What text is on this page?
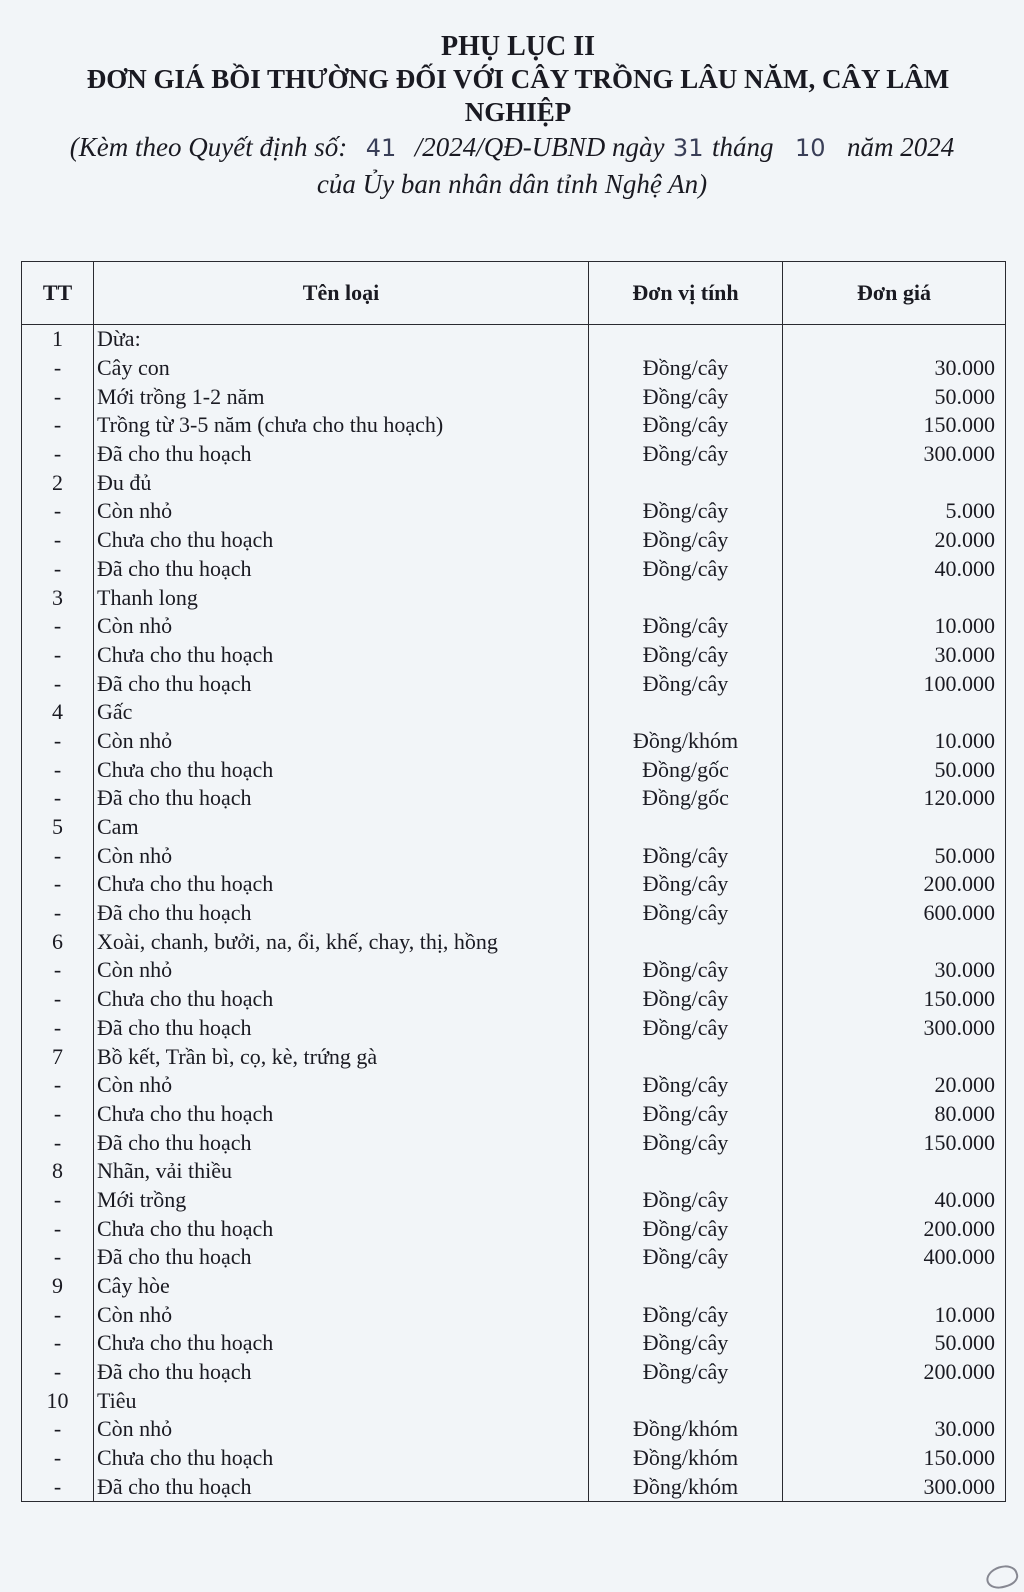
PHỤ LỤC II
ĐƠN GIÁ BỒI THƯỜNG ĐỐI VỚI CÂY TRỒNG LÂU NĂM, CÂY LÂM
NGHIỆP
(Kèm theo Quyết định số: 41 /2024/QĐ-UBND ngày 31 tháng 10 năm 2024
của Ủy ban nhân dân tỉnh Nghệ An)
TT	Tên loại	Đơn vị tính	Đơn giá
1	Dừa:		
-	Cây con	Đồng/cây	30.000
-	Mới trồng 1-2 năm	Đồng/cây	50.000
-	Trồng từ 3-5 năm (chưa cho thu hoạch)	Đồng/cây	150.000
-	Đã cho thu hoạch	Đồng/cây	300.000
2	Đu đủ		
-	Còn nhỏ	Đồng/cây	5.000
-	Chưa cho thu hoạch	Đồng/cây	20.000
-	Đã cho thu hoạch	Đồng/cây	40.000
3	Thanh long		
-	Còn nhỏ	Đồng/cây	10.000
-	Chưa cho thu hoạch	Đồng/cây	30.000
-	Đã cho thu hoạch	Đồng/cây	100.000
4	Gấc		
-	Còn nhỏ	Đồng/khóm	10.000
-	Chưa cho thu hoạch	Đồng/gốc	50.000
-	Đã cho thu hoạch	Đồng/gốc	120.000
5	Cam		
-	Còn nhỏ	Đồng/cây	50.000
-	Chưa cho thu hoạch	Đồng/cây	200.000
-	Đã cho thu hoạch	Đồng/cây	600.000
6	Xoài, chanh, bưởi, na, ổi, khế, chay, thị, hồng		
-	Còn nhỏ	Đồng/cây	30.000
-	Chưa cho thu hoạch	Đồng/cây	150.000
-	Đã cho thu hoạch	Đồng/cây	300.000
7	Bồ kết, Trần bì, cọ, kè, trứng gà		
-	Còn nhỏ	Đồng/cây	20.000
-	Chưa cho thu hoạch	Đồng/cây	80.000
-	Đã cho thu hoạch	Đồng/cây	150.000
8	Nhãn, vải thiều		
-	Mới trồng	Đồng/cây	40.000
-	Chưa cho thu hoạch	Đồng/cây	200.000
-	Đã cho thu hoạch	Đồng/cây	400.000
9	Cây hòe		
-	Còn nhỏ	Đồng/cây	10.000
-	Chưa cho thu hoạch	Đồng/cây	50.000
-	Đã cho thu hoạch	Đồng/cây	200.000
10	Tiêu		
-	Còn nhỏ	Đồng/khóm	30.000
-	Chưa cho thu hoạch	Đồng/khóm	150.000
-	Đã cho thu hoạch	Đồng/khóm	300.000
